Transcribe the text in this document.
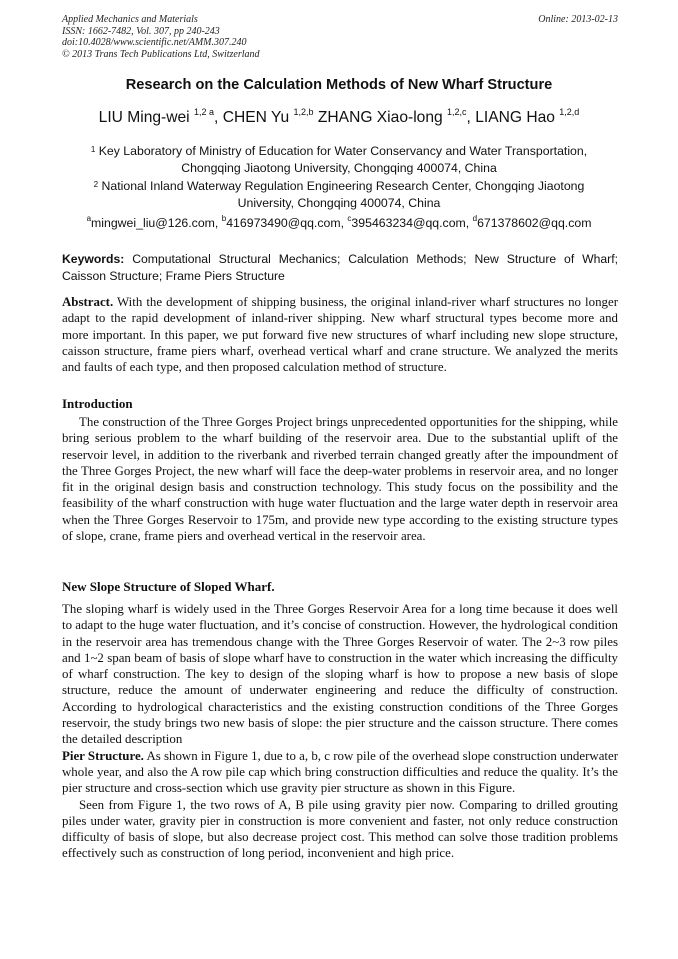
Applied Mechanics and Materials
ISSN: 1662-7482, Vol. 307, pp 240-243
doi:10.4028/www.scientific.net/AMM.307.240
© 2013 Trans Tech Publications Ltd, Switzerland
Online: 2013-02-13
Research on the Calculation Methods of New Wharf Structure
LIU Ming-wei $^{1,2 a}$, CHEN Yu $^{1,2,b}$ ZHANG Xiao-long $^{1,2,c}$, LIANG Hao $^{1,2,d}$
$^1$ Key Laboratory of Ministry of Education for Water Conservancy and Water Transportation, Chongqing Jiaotong University, Chongqing 400074, China
$^2$ National Inland Waterway Regulation Engineering Research Center, Chongqing Jiaotong University, Chongqing 400074, China
$^a$mingwei_liu@126.com, $^b$416973490@qq.com, $^c$395463234@qq.com, $^d$671378602@qq.com
Keywords: Computational Structural Mechanics; Calculation Methods; New Structure of Wharf; Caisson Structure; Frame Piers Structure

Abstract. With the development of shipping business, the original inland-river wharf structures no longer adapt to the rapid development of inland-river shipping. New wharf structural types become more and more important. In this paper, we put forward five new structures of wharf including new slope structure, caisson structure, frame piers wharf, overhead vertical wharf and crane structure. We analyzed the merits and faults of each type, and then proposed calculation method of structure.

Introduction

The construction of the Three Gorges Project brings unprecedented opportunities for the shipping, while bring serious problem to the wharf building of the reservoir area. Due to the substantial uplift of the reservoir level, in addition to the riverbank and riverbed terrain changed greatly after the impoundment of the Three Gorges Project, the new wharf will face the deep-water problems in reservoir area, and no longer fit in the original design basis and construction technology. This study focus on the possibility and the feasibility of the wharf construction with huge water fluctuation and the large water depth in reservoir area when the Three Gorges Reservoir to 175m, and provide new type according to the existing structure types of slope, crane, frame piers and overhead vertical in the reservoir area.

New Slope Structure of Sloped Wharf.

The sloping wharf is widely used in the Three Gorges Reservoir Area for a long time because it does well to adapt to the huge water fluctuation, and it’s concise of construction. However, the hydrological condition in the reservoir area has tremendous change with the Three Gorges Reservoir of water. The 2~3 row piles and 1~2 span beam of basis of slope wharf have to construction in the water which increasing the difficulty of wharf construction. The key to design of the sloping wharf is how to propose a new basis of slope structure, reduce the amount of underwater engineering and reduce the difficulty of construction. According to hydrological characteristics and the existing construction conditions of the Three Gorges reservoir, the study brings two new basis of slope: the pier structure and the caisson structure. There comes the detailed description

Pier Structure. As shown in Figure 1, due to a, b, c row pile of the overhead slope construction underwater whole year, and also the A row pile cap which bring construction difficulties and reduce the quality. It’s the pier structure and cross-section which use gravity pier structure as shown in this Figure.

Seen from Figure 1, the two rows of A, B pile using gravity pier now. Comparing to drilled grouting piles under water, gravity pier in construction is more convenient and faster, not only reduce construction difficulty of basis of slope, but also decrease project cost. This method can solve those tradition problems effectively such as construction of long period, inconvenient and high price.
